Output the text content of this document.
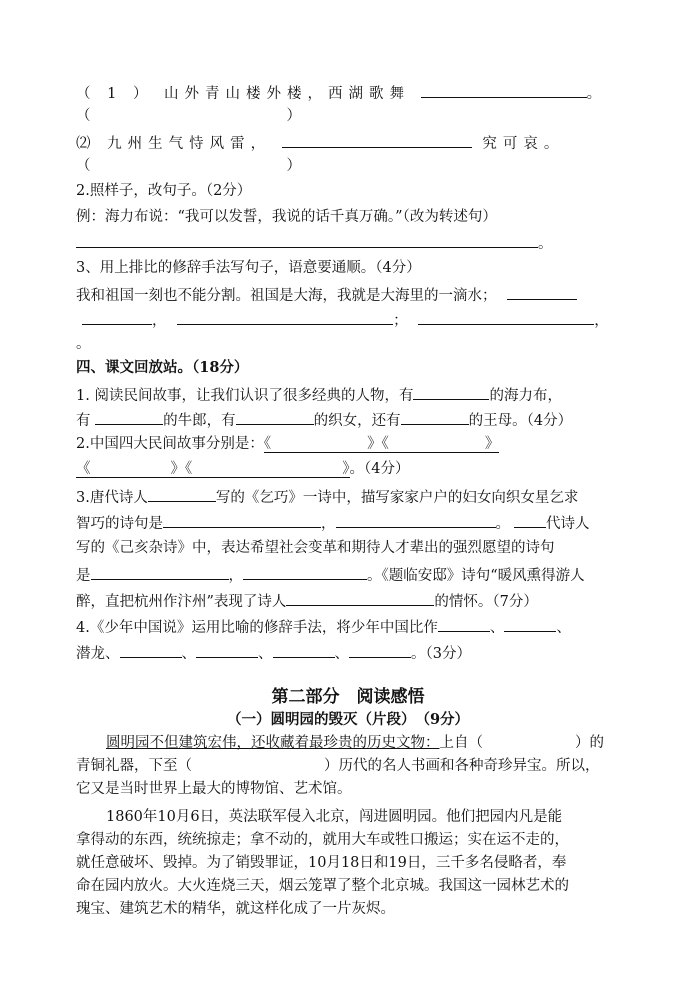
（ 1 ） 山外青山楼外楼，西湖歌舞	。
（	）
⑵ 九州生气恃风雷，	究可哀。
（	）
2.照样子，改句子。（2分）
例：海力布说：“我可以发誓，我说的话千真万确。”（改为转述句）
。
3、用上排比的修辞手法写句子，语意要通顺。（4分）
我和祖国一刻也不能分割。祖国是大海，我就是大海里的一滴水；
，	；	，
。
四、课文回放站。（18分）
1. 阅读民间故事，让我们认识了很多经典的人物，有	的海力布，
有	的牛郎，有	的织女，还有	的王母。（4分）
2.中国四大民间故事分别是：《	》《	》
《	》《	》。（4分）
3.唐代诗人	写的《乞巧》一诗中，描写家家户户的妇女向织女星乞求
智巧的诗句是	，	。 代诗人
写的《己亥杂诗》中，表达希望社会变革和期待人才辈出的强烈愿望的诗句
是	，	。《题临安邸》诗句“暖风熏得游人
醉，直把杭州作汴州”表现了诗人	的情怀。（7分）
4.《少年中国说》运用比喻的修辞手法，将少年中国比作	、	、
潜龙、	、	、	、	。（3分）
第二部分　阅读感悟
（一）圆明园的毁灭（片段）　（9分）
圆明园不但建筑宏伟，还收藏着最珍贵的历史文物：上自（	）的
青铜礼器，下至（	）历代的名人书画和各种奇珍异宝。所以，
它又是当时世界上最大的博物馆、艺术馆。
1860年10月6日，英法联军侵入北京，闯进圆明园。他们把园内凡是能
拿得动的东西，统统掠走；拿不动的，就用大车或牲口搬运；实在运不走的，
就任意破坏、毁掉。为了销毁罪证，10月18日和19日，三千多名侵略者，奉
命在园内放火。大火连烧三天，烟云笼罩了整个北京城。我国这一园林艺术的
瑰宝、建筑艺术的精华，就这样化成了一片灰烬。
